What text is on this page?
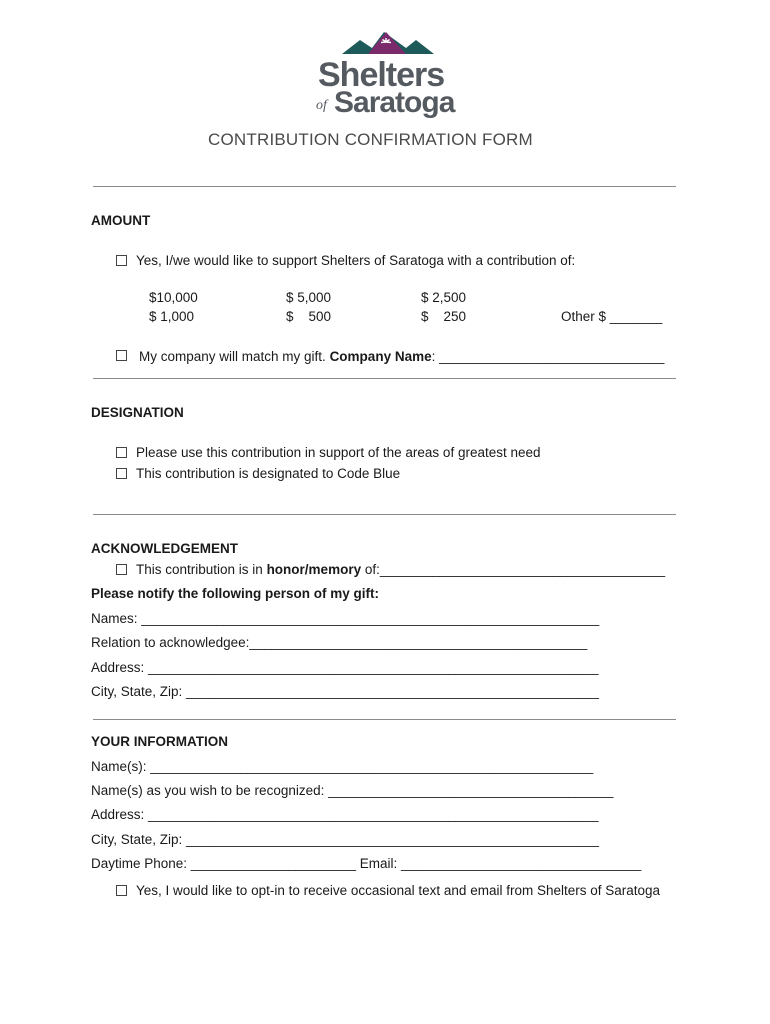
Shelters
of Saratoga
CONTRIBUTION CONFIRMATION FORM
AMOUNT
Yes, I/we would like to support Shelters of Saratoga with a contribution of:
$10,000	$ 5,000	$ 2,500
$ 1,000	$    500	$    250	Other $ _______
My company will match my gift. Company Name: ______________________________
DESIGNATION
Please use this contribution in support of the areas of greatest need
This contribution is designated to Code Blue
ACKNOWLEDGEMENT
This contribution is in honor/memory of:______________________________________
Please notify the following person of my gift:
Names: _____________________________________________________________
Relation to acknowledgee:_____________________________________________
Address: ____________________________________________________________
City, State, Zip: _______________________________________________________
YOUR INFORMATION
Name(s): ___________________________________________________________
Name(s) as you wish to be recognized: ______________________________________
Address: ____________________________________________________________
City, State, Zip: _______________________________________________________
Daytime Phone: ______________________ Email: ________________________________
Yes, I would like to opt-in to receive occasional text and email from Shelters of Saratoga
